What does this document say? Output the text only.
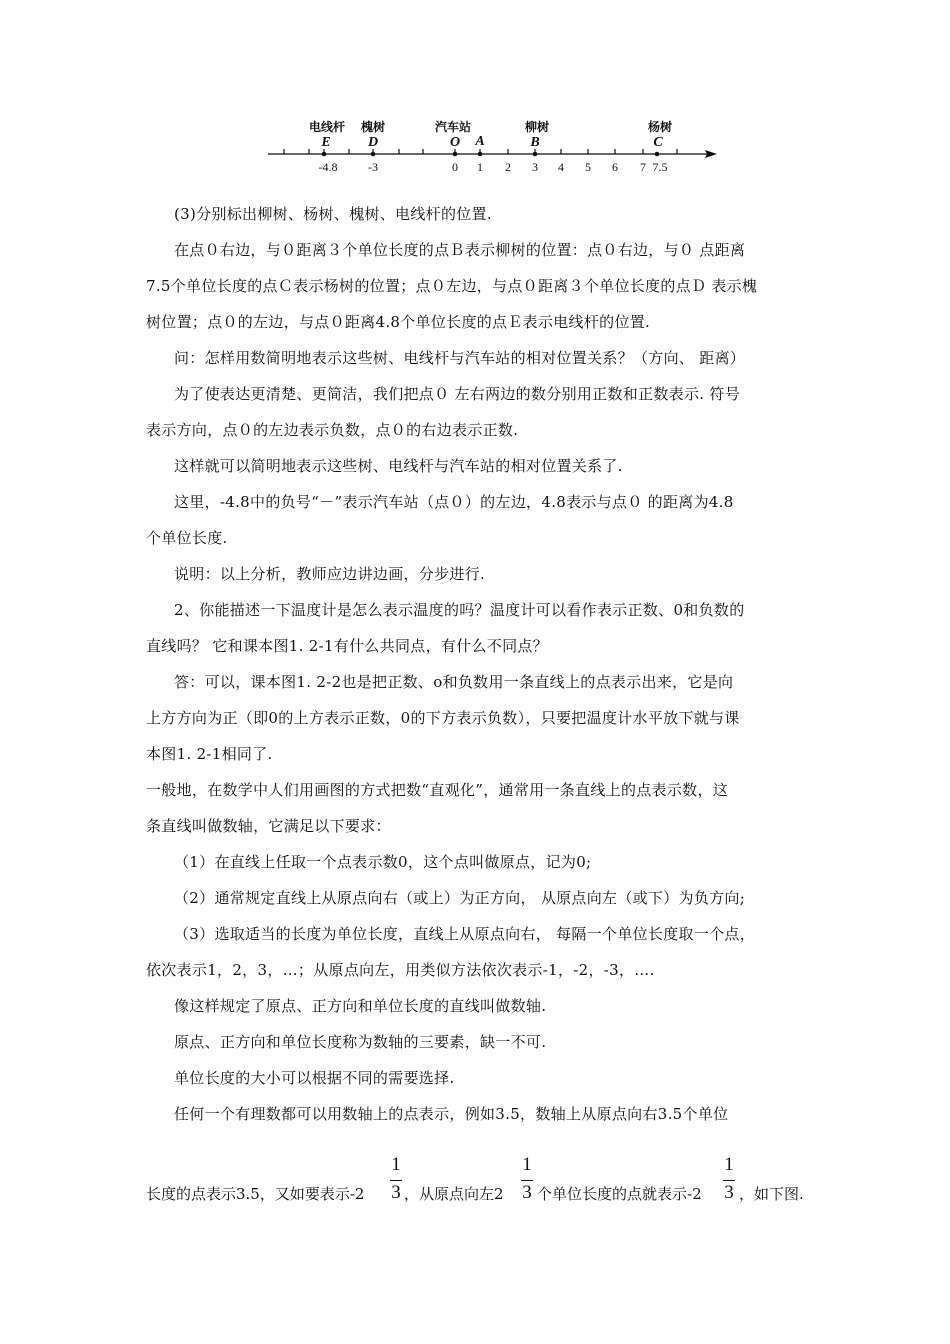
电线杆 槐树	汽车站	柳树	杨树
E	D	O A	B	C
-4.8	-3	0 1 2 3 4 5 6 7 7.5

(3)分别标出柳树、杨树、槐树、电线杆的位置.

在点０右边，与０距离３个单位长度的点Ｂ表示柳树的位置：点０右边，与０ 点距离

7.5个单位长度的点Ｃ表示杨树的位置；点０左边，与点０距离３个单位长度的点Ｄ 表示槐

树位置；点０的左边，与点０距离4.8个单位长度的点Ｅ表示电线杆的位置.

问：怎样用数简明地表示这些树、电线杆与汽车站的相对位置关系？（方向、 距离）

为了使表达更清楚、更简洁，我们把点０ 左右两边的数分别用正数和正数表示. 符号

表示方向，点０的左边表示负数，点０的右边表示正数.

这样就可以简明地表示这些树、电线杆与汽车站的相对位置关系了.

这里，-4.8中的负号“－”表示汽车站（点０）的左边，4.8表示与点０ 的距离为4.8

个单位长度.

说明：以上分析，教师应边讲边画，分步进行.

2、你能描述一下温度计是怎么表示温度的吗？温度计可以看作表示正数、0和负数的

直线吗？ 它和课本图1. 2-1有什么共同点，有什么不同点？

答：可以，课本图1. 2-2也是把正数、o和负数用一条直线上的点表示出来，它是向

上方方向为正（即0的上方表示正数，0的下方表示负数），只要把温度计水平放下就与课

本图1. 2-1相同了.

一般地，在数学中人们用画图的方式把数“直观化”，通常用一条直线上的点表示数，这

条直线叫做数轴，它满足以下要求：

（1）在直线上任取一个点表示数0，这个点叫做原点，记为0;

（2）通常规定直线上从原点向右（或上）为正方向， 从原点向左（或下）为负方向;

（3）选取适当的长度为单位长度，直线上从原点向右， 每隔一个单位长度取一个点，

依次表示1，2，3，…；从原点向左，用类似方法依次表示-1，-2，-3，….

像这样规定了原点、正方向和单位长度的直线叫做数轴.

原点、正方向和单位长度称为数轴的三要素，缺一不可.

单位长度的大小可以根据不同的需要选择.

任何一个有理数都可以用数轴上的点表示，例如3.5，数轴上从原点向右3.5个单位

长度的点表示3.5，又如要表示-2
1
3 ，从原点向左2
1
3 个单位长度的点就表示-2
1
3 ，如下图.
